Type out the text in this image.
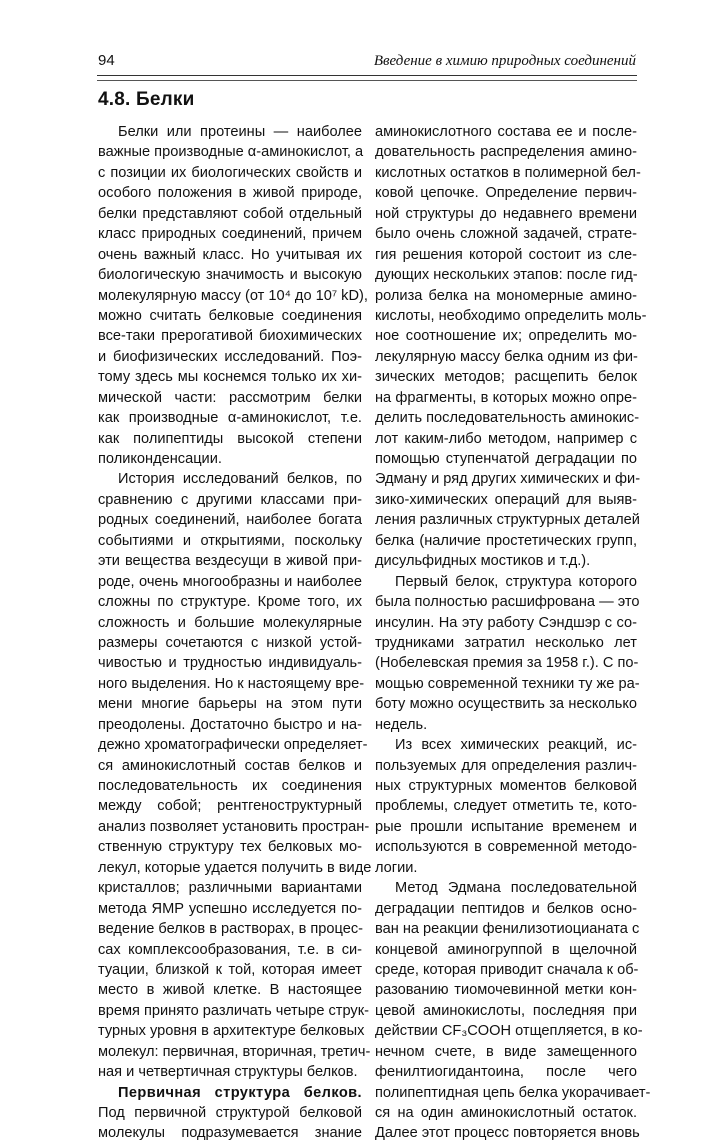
94	Введение в химию природных соединений
4.8. Белки
Белки или протеины — наиболее
важные производные α-аминокислот, а
с позиции их биологических свойств и
особого положения в живой природе,
белки представляют собой отдельный
класс природных соединений, причем
очень важный класс. Но учитывая их
биологическую значимость и высокую
молекулярную массу (от 10⁴ до 10⁷ kD),
можно считать белковые соединения
все-таки прерогативой биохимических
и биофизических исследований. Поэ-
тому здесь мы коснемся только их хи-
мической части: рассмотрим белки
как производные α-аминокислот, т.е.
как полипептиды высокой степени
поликонденсации.
История исследований белков, по
сравнению с другими классами при-
родных соединений, наиболее богата
событиями и открытиями, поскольку
эти вещества вездесущи в живой при-
роде, очень многообразны и наиболее
сложны по структуре. Кроме того, их
сложность и большие молекулярные
размеры сочетаются с низкой устой-
чивостью и трудностью индивидуаль-
ного выделения. Но к настоящему вре-
мени многие барьеры на этом пути
преодолены. Достаточно быстро и на-
дежно хроматографически определяет-
ся аминокислотный состав белков и
последовательность их соединения
между собой; рентгеноструктурный
анализ позволяет установить простран-
ственную структуру тех белковых мо-
лекул, которые удается получить в виде
кристаллов; различными вариантами
метода ЯМР успешно исследуется по-
ведение белков в растворах, в процес-
сах комплексообразования, т.е. в си-
туации, близкой к той, которая имеет
место в живой клетке. В настоящее
время принято различать четыре струк-
турных уровня в архитектуре белковых
молекул: первичная, вторичная, третич-
ная и четвертичная структуры белков.
Первичная структура белков.
Под первичной структурой белковой
молекулы подразумевается знание
аминокислотного состава ее и после-
довательность распределения амино-
кислотных остатков в полимерной бел-
ковой цепочке. Определение первич-
ной структуры до недавнего времени
было очень сложной задачей, страте-
гия решения которой состоит из сле-
дующих нескольких этапов: после гид-
ролиза белка на мономерные амино-
кислоты, необходимо определить моль-
ное соотношение их; определить мо-
лекулярную массу белка одним из фи-
зических методов; расщепить белок
на фрагменты, в которых можно опре-
делить последовательность аминокис-
лот каким-либо методом, например с
помощью ступенчатой деградации по
Эдману и ряд других химических и фи-
зико-химических операций для выяв-
ления различных структурных деталей
белка (наличие простетических групп,
дисульфидных мостиков и т.д.).
Первый белок, структура которого
была полностью расшифрована — это
инсулин. На эту работу Сэндшэр с со-
трудниками затратил несколько лет
(Нобелевская премия за 1958 г.). С по-
мощью современной техники ту же ра-
боту можно осуществить за несколько
недель.
Из всех химических реакций, ис-
пользуемых для определения различ-
ных структурных моментов белковой
проблемы, следует отметить те, кото-
рые прошли испытание временем и
используются в современной методо-
логии.
Метод Эдмана последовательной
деградации пептидов и белков осно-
ван на реакции фенилизотиоцианата с
концевой аминогруппой в щелочной
среде, которая приводит сначала к об-
разованию тиомочевинной метки кон-
цевой аминокислоты, последняя при
действии CF₃COOH отщепляется, в ко-
нечном счете, в виде замещенного
фенилтиогидантоина, после чего
полипептидная цепь белка укорачивает-
ся на один аминокислотный остаток.
Далее этот процесс повторяется вновь
